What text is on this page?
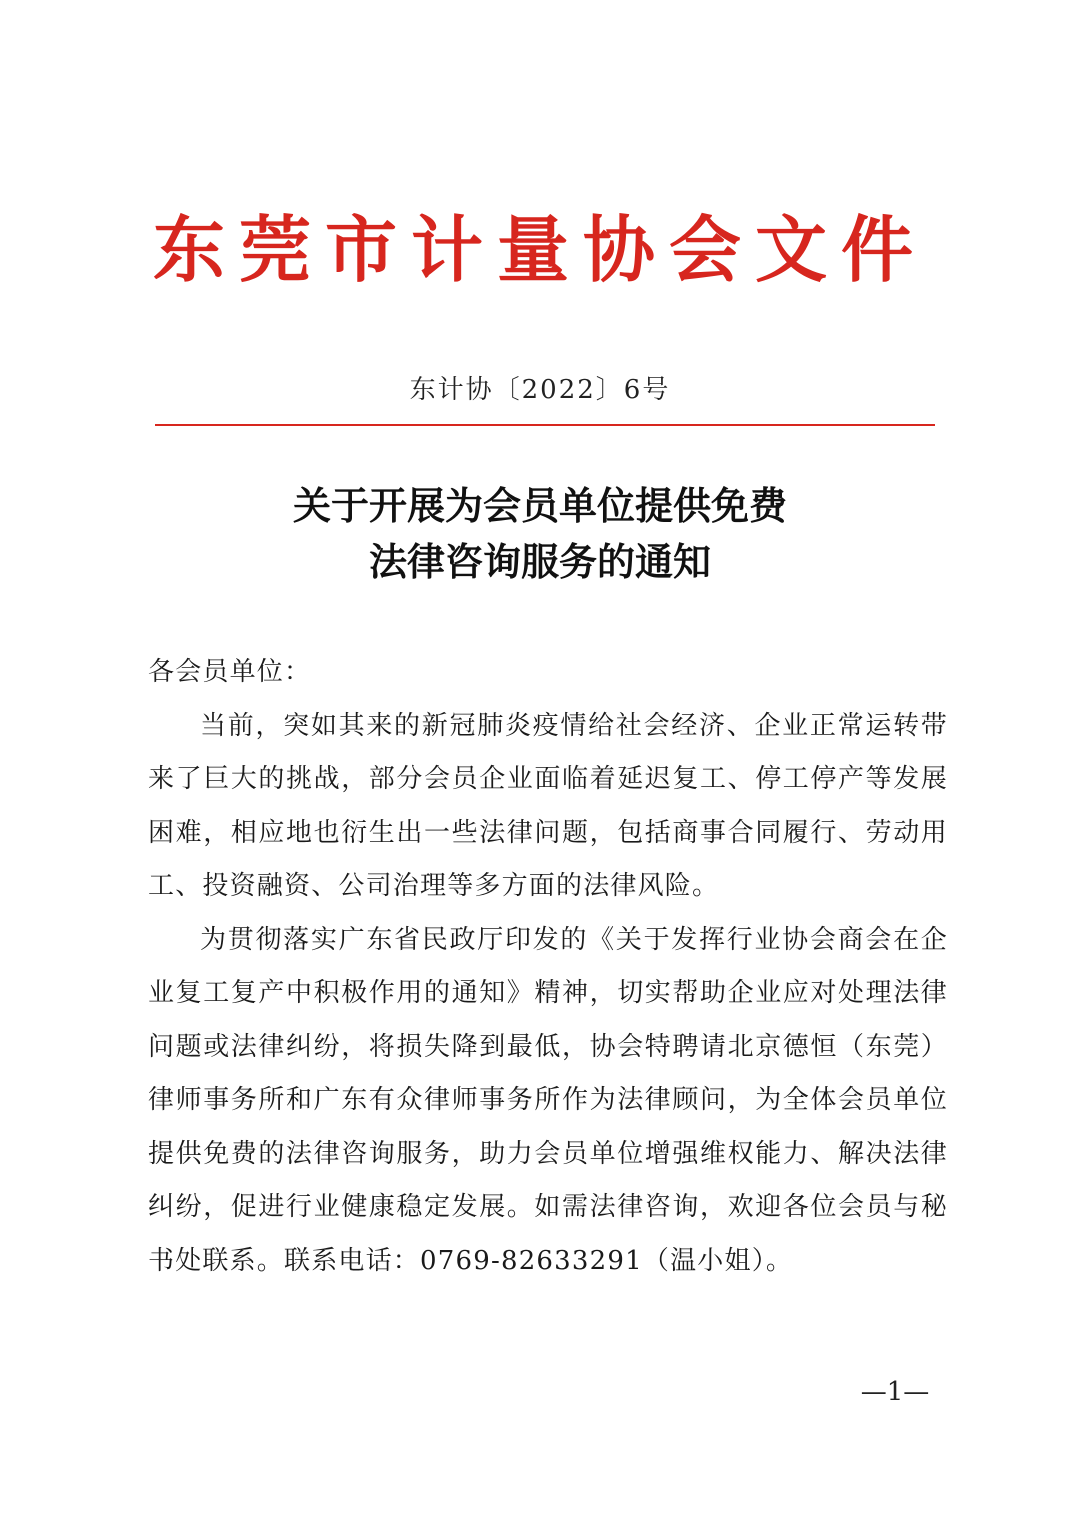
东莞市计量协会文件
东计协〔2022〕6号
关于开展为会员单位提供免费
法律咨询服务的通知

各会员单位：

当前，突如其来的新冠肺炎疫情给社会经济、企业正常运转带来了巨大的挑战，部分会员企业面临着延迟复工、停工停产等发展困难，相应地也衍生出一些法律问题，包括商事合同履行、劳动用工、投资融资、公司治理等多方面的法律风险。

为贯彻落实广东省民政厅印发的《关于发挥行业协会商会在企业复工复产中积极作用的通知》精神，切实帮助企业应对处理法律问题或法律纠纷，将损失降到最低，协会特聘请北京德恒（东莞）律师事务所和广东有众律师事务所作为法律顾问，为全体会员单位提供免费的法律咨询服务，助力会员单位增强维权能力、解决法律纠纷，促进行业健康稳定发展。如需法律咨询，欢迎各位会员与秘书处联系。联系电话：0769-82633291（温小姐）。

—1—
